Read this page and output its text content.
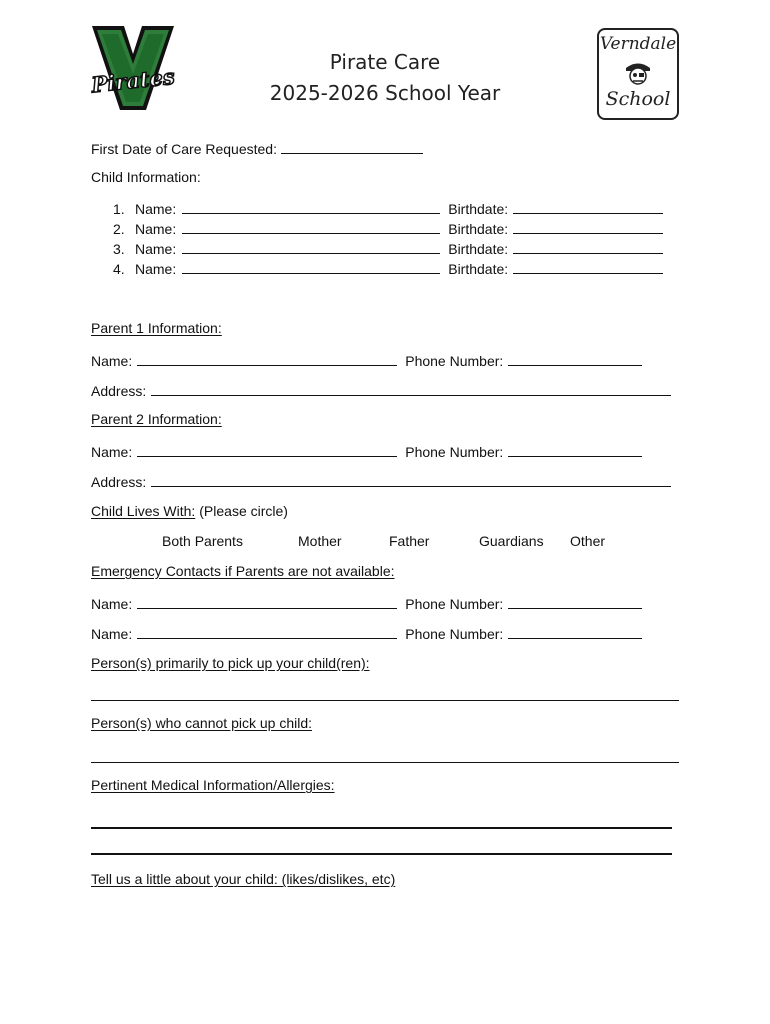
Pirates
Pirate Care
2025-2026 School Year
Verndale
School
First Date of Care Requested:
Child Information:
1. Name:	Birthdate:
2. Name:	Birthdate:
3. Name:	Birthdate:
4. Name:	Birthdate:
Parent 1 Information:
Name:	Phone Number:
Address:
Parent 2 Information:
Name:	Phone Number:
Address:
Child Lives With: (Please circle)
Both Parents	Mother	Father	Guardians Other
Emergency Contacts if Parents are not available:
Name:	Phone Number:
Name:	Phone Number:
Person(s) primarily to pick up your child(ren):
Person(s) who cannot pick up child:
Pertinent Medical Information/Allergies:
Tell us a little about your child: (likes/dislikes, etc)
